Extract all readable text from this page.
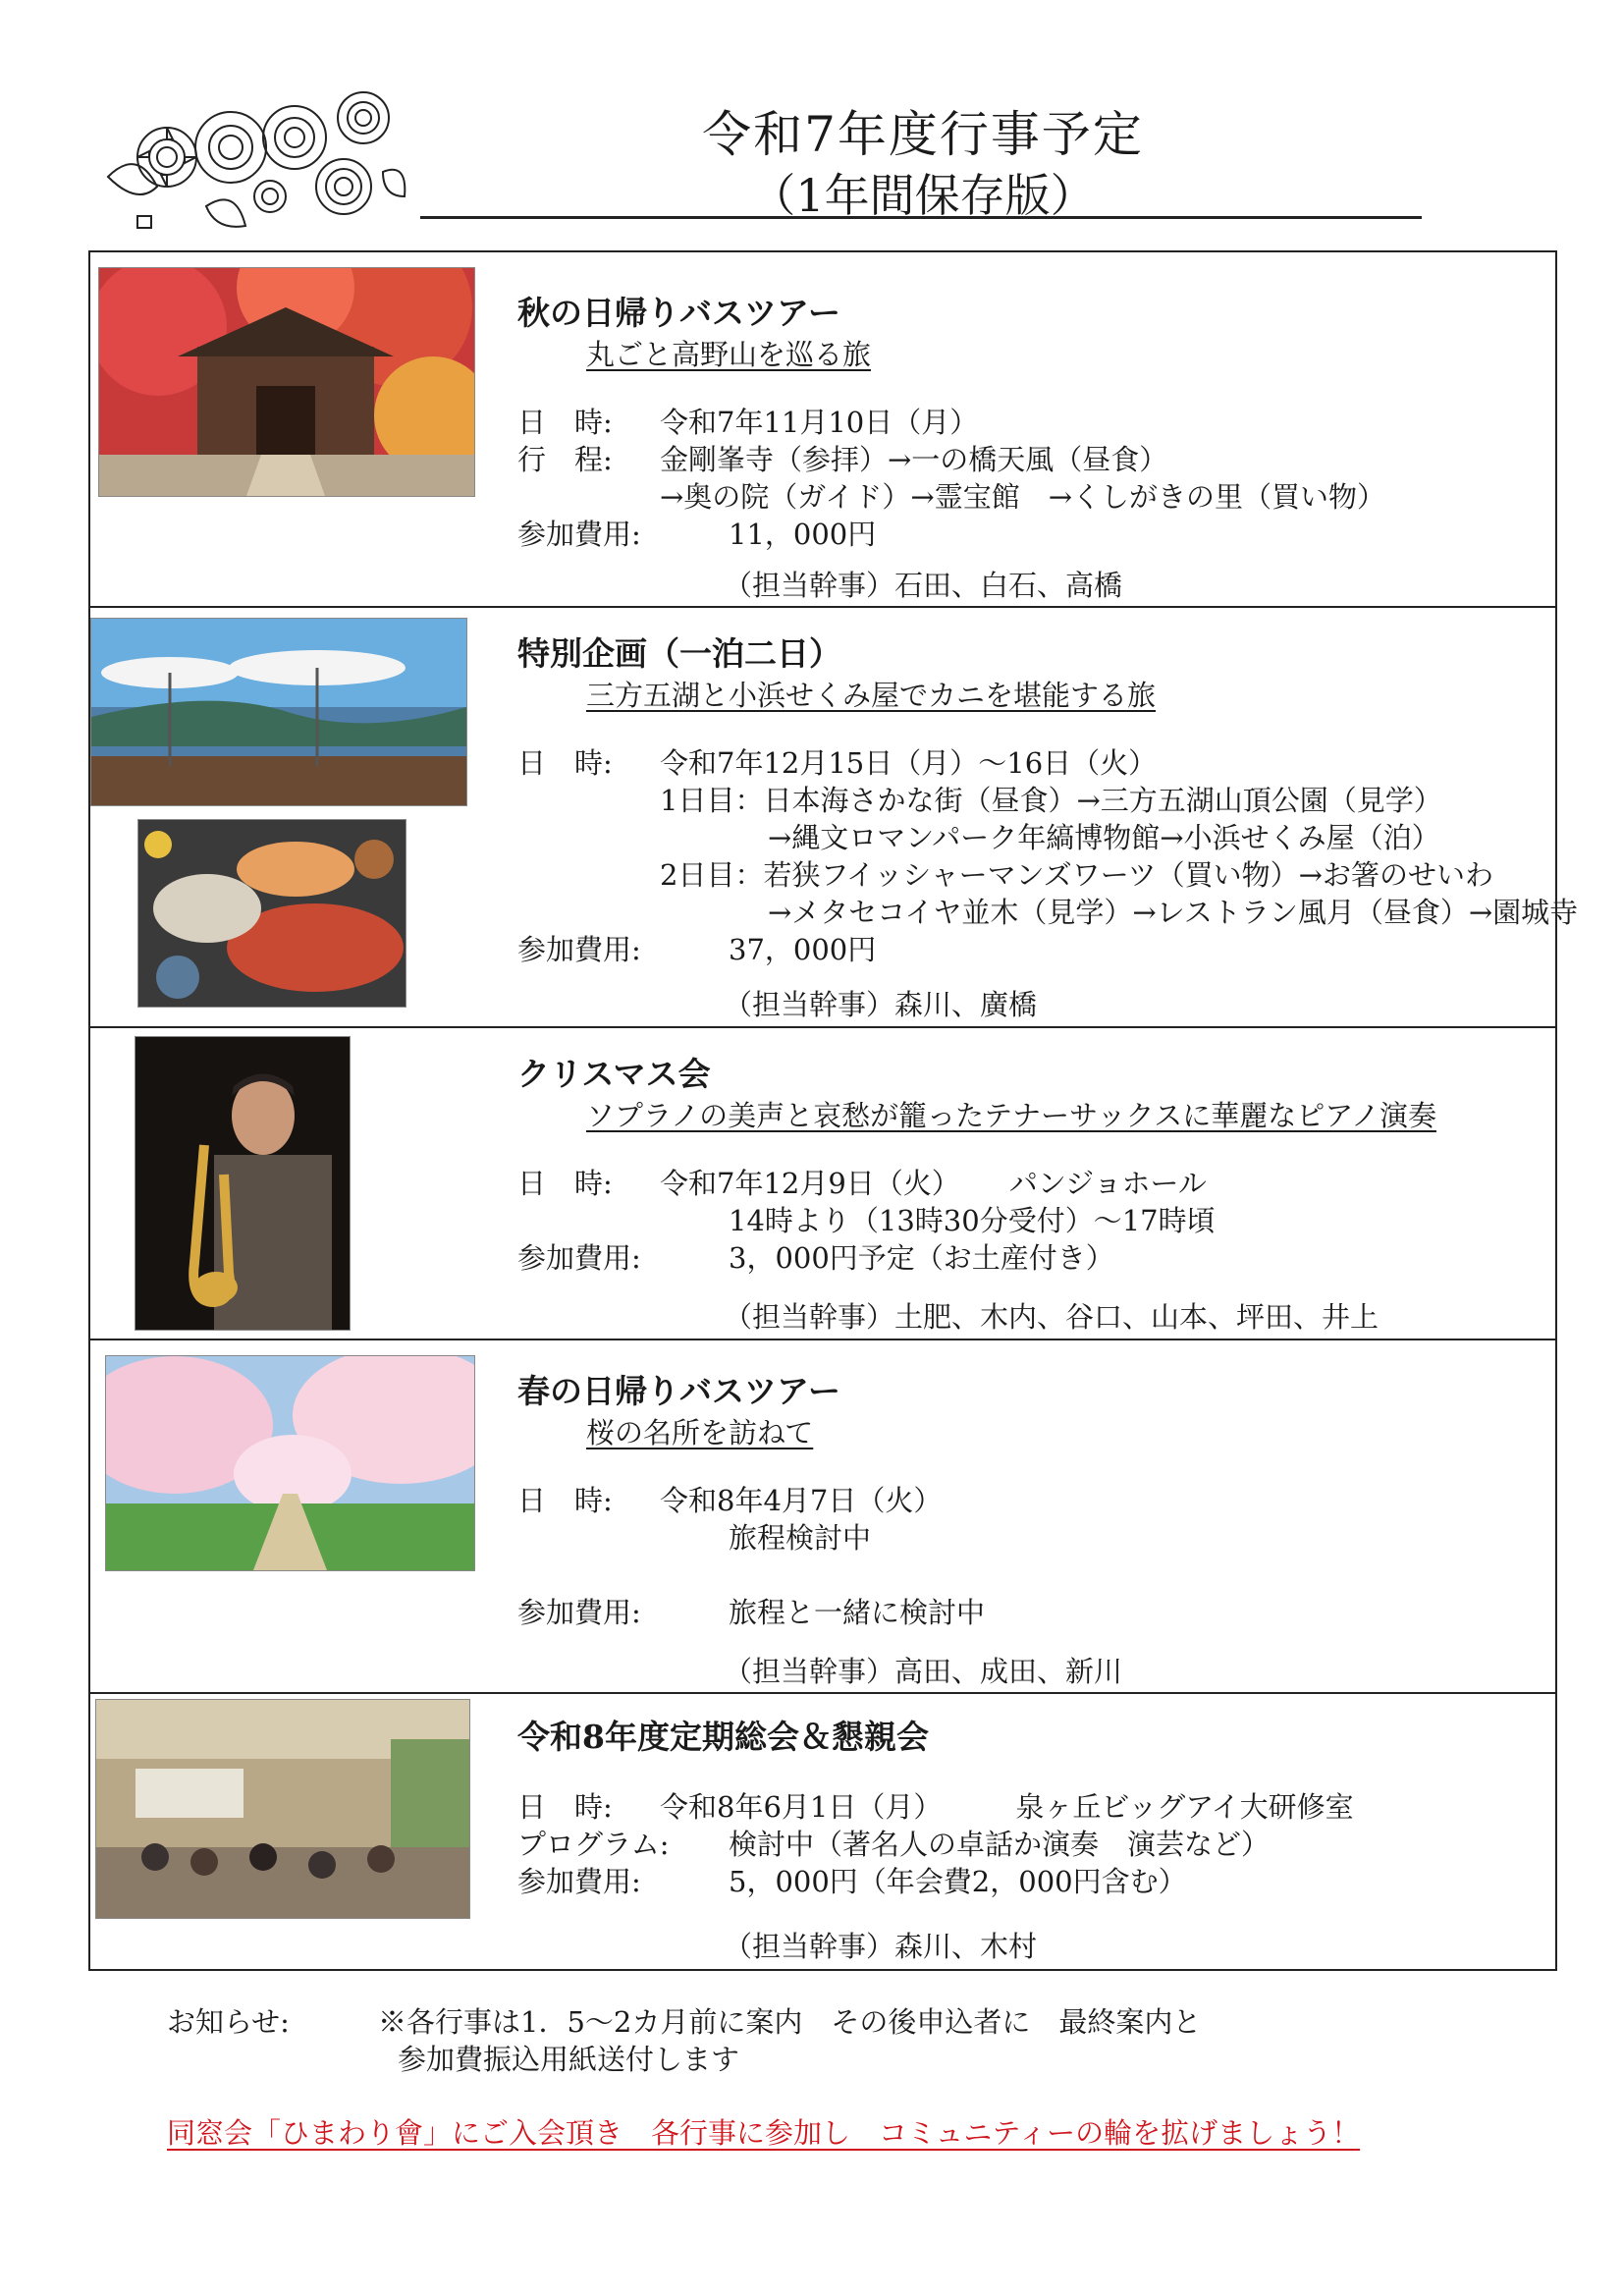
令和7年度行事予定
（1年間保存版）
秋の日帰りバスツアー
丸ごと高野山を巡る旅
日　時:	令和7年11月10日（月）
行　程:	金剛峯寺（参拝）→一の橋天風（昼食）
→奥の院（ガイド）→霊宝館　→くしがきの里（買い物）
参加費用:	11，000円
（担当幹事）石田、白石、高橋
特別企画（一泊二日）
三方五湖と小浜せくみ屋でカニを堪能する旅
日　時:	令和7年12月15日（月）～16日（火）
1日目：日本海さかな街（昼食）→三方五湖山頂公園（見学）
→縄文ロマンパーク年縞博物館→小浜せくみ屋（泊）
2日目：若狭フイッシャーマンズワーツ（買い物）→お箸のせいわ
→メタセコイヤ並木（見学）→レストラン風月（昼食）→園城寺
参加費用:	37，000円
（担当幹事）森川、廣橋
クリスマス会
ソプラノの美声と哀愁が籠ったテナーサックスに華麗なピアノ演奏
日　時:	令和7年12月9日（火） パンジョホール
14時より（13時30分受付）～17時頃
参加費用:	3，000円予定（お土産付き）
（担当幹事）土肥、木内、谷口、山本、坪田、井上
春の日帰りバスツアー
桜の名所を訪ねて
日　時:	令和8年4月7日（火）
旅程検討中
参加費用:	旅程と一緒に検討中
（担当幹事）高田、成田、新川
令和8年度定期総会＆懇親会
日　時:	令和8年6月1日（月）	泉ヶ丘ビッグアイ大研修室
プログラム:	検討中（著名人の卓話か演奏　演芸など）
参加費用:	5，000円（年会費2，000円含む）
（担当幹事）森川、木村
お知らせ:	※各行事は1．5～2カ月前に案内　その後申込者に　最終案内と
参加費振込用紙送付します
同窓会「ひまわり會」にご入会頂き　各行事に参加し　コミュニティーの輪を拡げましょう！
